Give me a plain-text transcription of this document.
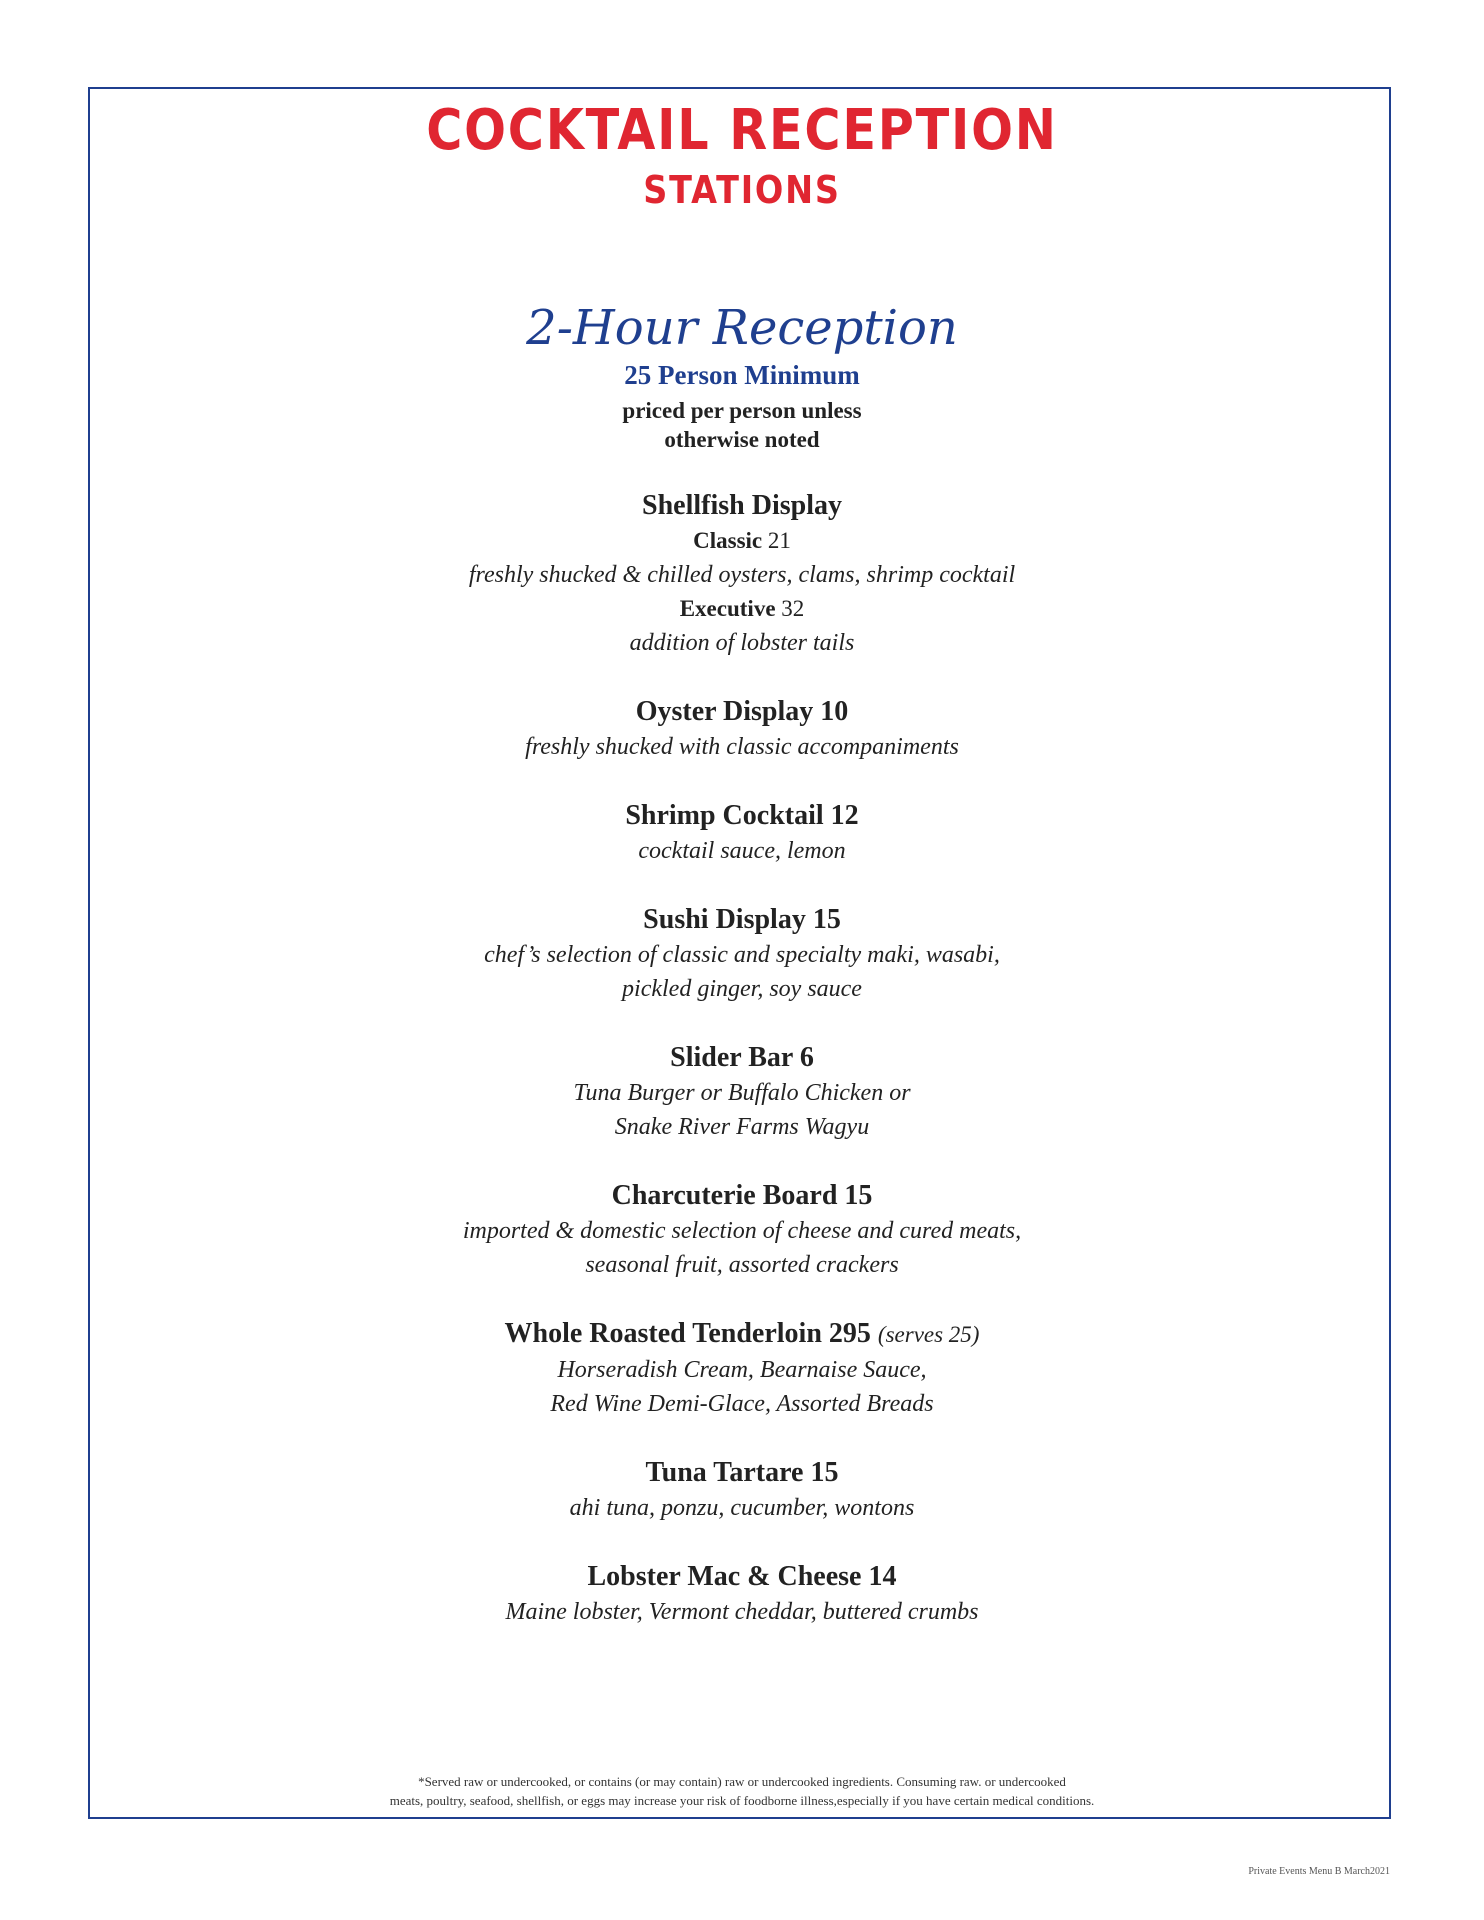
COCKTAIL RECEPTION
STATIONS
2-Hour Reception
25 Person Minimum
priced per person unless
otherwise noted
Shellfish Display
Classic 21
freshly shucked & chilled oysters, clams, shrimp cocktail
Executive 32
addition of lobster tails
Oyster Display 10
freshly shucked with classic accompaniments
Shrimp Cocktail 12
cocktail sauce, lemon
Sushi Display 15
chef’s selection of classic and specialty maki, wasabi,
pickled ginger, soy sauce
Slider Bar 6
Tuna Burger or Buffalo Chicken or
Snake River Farms Wagyu
Charcuterie Board 15
imported & domestic selection of cheese and cured meats,
seasonal fruit, assorted crackers
Whole Roasted Tenderloin 295 (serves 25)
Horseradish Cream, Bearnaise Sauce,
Red Wine Demi-Glace, Assorted Breads
Tuna Tartare 15
ahi tuna, ponzu, cucumber, wontons
Lobster Mac & Cheese 14
Maine lobster, Vermont cheddar, buttered crumbs
*Served raw or undercooked, or contains (or may contain) raw or undercooked ingredients. Consuming raw. or undercooked
meats, poultry, seafood, shellfish, or eggs may increase your risk of foodborne illness,especially if you have certain medical conditions.
Private Events Menu B March2021
